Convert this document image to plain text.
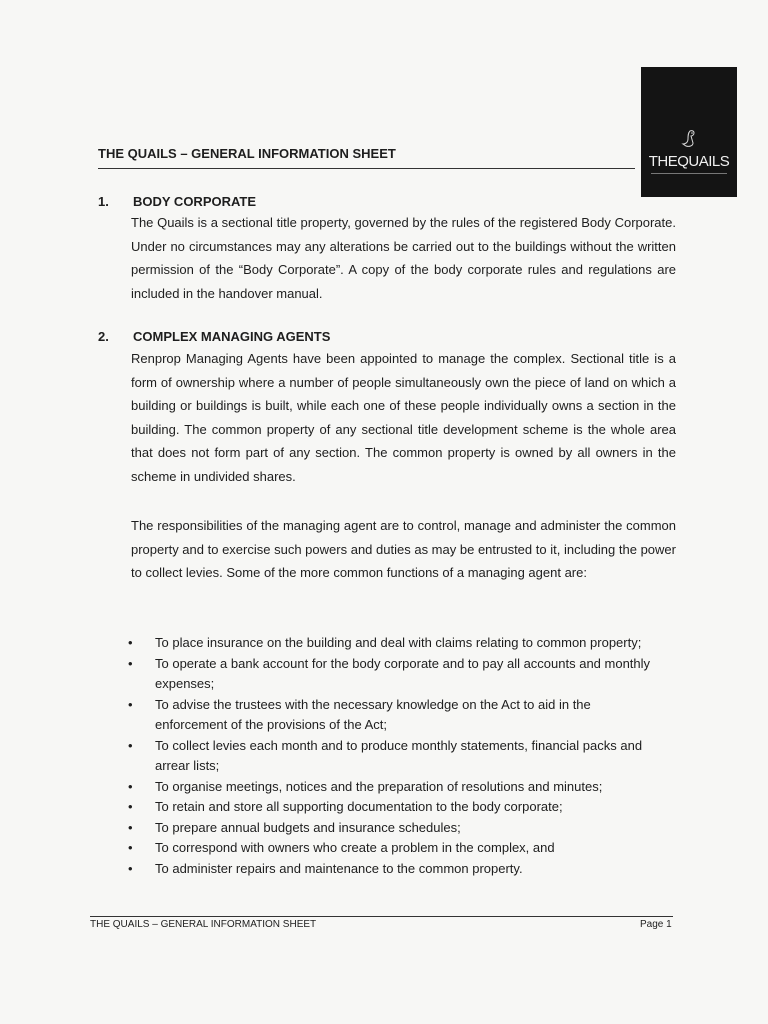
THEQUAILS
THE QUAILS – GENERAL INFORMATION SHEET
1. BODY CORPORATE

The Quails is a sectional title property, governed by the rules of the registered Body Corporate. Under no circumstances may any alterations be carried out to the buildings without the written permission of the “Body Corporate”. A copy of the body corporate rules and regulations are included in the handover manual.

2. COMPLEX MANAGING AGENTS

Renprop Managing Agents have been appointed to manage the complex. Sectional title is a form of ownership where a number of people simultaneously own the piece of land on which a building or buildings is built, while each one of these people individually owns a section in the building. The common property of any sectional title development scheme is the whole area that does not form part of any section. The common property is owned by all owners in the scheme in undivided shares.

The responsibilities of the managing agent are to control, manage and administer the common property and to exercise such powers and duties as may be entrusted to it, including the power to collect levies. Some of the more common functions of a managing agent are:

• To place insurance on the building and deal with claims relating to common property;
• To operate a bank account for the body corporate and to pay all accounts and monthly expenses;
• To advise the trustees with the necessary knowledge on the Act to aid in the enforcement of the provisions of the Act;
• To collect levies each month and to produce monthly statements, financial packs and arrear lists;
• To organise meetings, notices and the preparation of resolutions and minutes;
• To retain and store all supporting documentation to the body corporate;
• To prepare annual budgets and insurance schedules;
• To correspond with owners who create a problem in the complex, and
• To administer repairs and maintenance to the common property.
THE QUAILS – GENERAL INFORMATION SHEET	Page 1
